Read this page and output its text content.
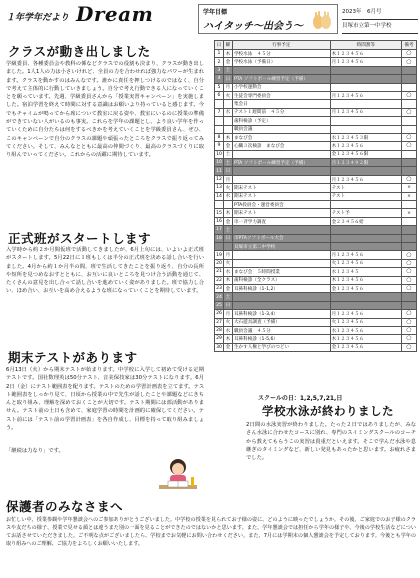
１年学年だより Dream	学年目標
ハイタッチ～出会う～
2023年　6月号
貝塚市立第一中学校
クラスが動き出しました
学級委員、各種委員会や教科の係などクラスでの役割も決まり、クラスが動き出しました。1人1人の力は小さいけれど、全員の力を合わせれば強力なパワーが生まれます。クラスを動かすのはみんなです。誰かに責任を押しつけるのではなく、自分で考えて主体的に行動していきましょう。自分で考え行動できる人になっていくことを願っています。先週、学級委員さんから「授業実習キャンペーン」を実施しました。宿泊学習を終えて時間に対する意識はお願いより持っていると感じます。今でもチャイムが鳴ってから席について教室に戻る姿や、教室にいるのに授業の準備ができていない人がいるのも事実。これらを学年の課題とし、より良い学年を作っていくために自分たちは何をするべきかを考えていくことを学級委員さん、ぜひ、このキャンペーンで自分のクラスの課題や頑張ったところをクラスで振り返ってみてください。そして、みんなとともに最高の仲間づくり、最高のクラスづくりに取り組んでいってください。これからの活躍に期待しています。
正式班がスタートします
入学時から約２か月間仮班で活動してきましたが、6月上旬には、いよいよ正式班がスタートします。5月22日に１班もしくは半分の正式班を決める話し合いを行いました。4月から約１か月半の間、班で生活してきたことを振り返り、自分の長所や短所を見つめなおすとともに、お互いに良いところを見つけ合う活動を通じて、たくさんの意見を出し合って話し合いを進めていく姿がありました。班で協力し合い、ほめ合い、お互いを高め合えるような班になっていくことを期待しています。
期末テストがあります
6月13日（火）から期末テストが始まります。中学校に入学して初めて受ける定期テストです。国社数理英は50分テスト、音美保技家は30分テストになります。6月2日（金）にテスト範囲表を配ります。テストのための学習計画表を立てます。テスト範囲表をしっかり見て、日頃から授業の中で先生が話したことや課題などにきちんと取り組み、理解を深めておくことが大切です。テスト期間には部活動がありません。テスト前の土日も含めて、家庭学習の時間を計画的に確保してください。テスト前には「テスト前の学習計画表」を各自作成し、目標を持って取り組みましょう。
「継続は力なり」です。
日	曜	行事予定	時間割等	備考
1	木	学校水泳　４５分	木１２３４５６	◯
2	金	学校水泳（予備日）	月１２３４５６	◯
3	土			
4	日	PTA ソフトボール練習予定（予備）		
5	月	小学校運動会		
6	火	生徒会専門委員会	月１２３４５６	◯
		集会日		
7	水	テスト１週間前　４５分	月１２３４５６	◯
		歯科検診（予定）		
		職員会議		
8	木	まなび会	水１２３４５３限	◯
9	金	心臓３次検診　まなび会	木１２３４５６	◯
10	土		金１２３４５６限	
10	土	PTA ソフトボール練習予定（予備）	月１２３４９２限	
11	日			
12	月		月１２３４５６	◯
13	火	期末テスト	テスト	×
14	水	期末テスト	テスト	×
		PTA役員会・運営委員会		
15	木	期末テスト	テスト予	×
16	金	市一斉学力調査	金２３４５６給	
17	土			
18	日	市PTAソフトボール大会		
		貝塚市立第二中学校		
19	月		月１２３４５６	◯
20	火		火１２３４５６	◯
21	水	まなび会　５時間授業	水１２３４５	◯
22	木	歯科検診（全クラス）	木１２３４５６	◯
23	金	耳鼻科検診（1-1,2）	金１２３４５６	◯
24	土			
25	日			
26	月	耳鼻科検診（1-3,4）	月１２３４５６	◯
27	火	大石遊具調査（予備）	火１２３４５６	◯
28	水	職員会議　４５分	水１２３４５６	◯
29	木	耳鼻科検診（1-5,6）	木１２３４５６	◯
30	金	生かす人権と学びのつどい	金１２３４５６	◯
スクールの日：1,2,5,7,21,日
学校水泳が終わりました
2日間の水泳実習が終わりました。たった２日ではありましたが、みなさん水泳に合わせたコースに別れ、専門のスイミングスクールのコーチから教えてもらうこの実習は貴重だといえます。そこで学んだ水泳や息継ぎのタイミングなど、新しい発見もあったかと思います。お疲れさまでした。
保護者のみなさまへ
お忙しい中、授業参観や学年懇談会へのご参加ありがとうございました。中学校の授業を見られてお子様の姿に、どのように映ったでしょうか。その後、ご家庭でのお子様のクラスや友だちの様子、授業で見せる顔とは違うまた別の一面を見ることができたのではないかと思います。また、学年懇談会では担任から学年の様子や、今後の学校生活などについてお話させていただきました。ご不明な点がございましたら、学校までお気軽にお問い合わせください。また、7月には学期末の個人懇談会を予定しております。今後とも学年の取り組みへのご理解、ご協力をよろしくお願いいたします。
